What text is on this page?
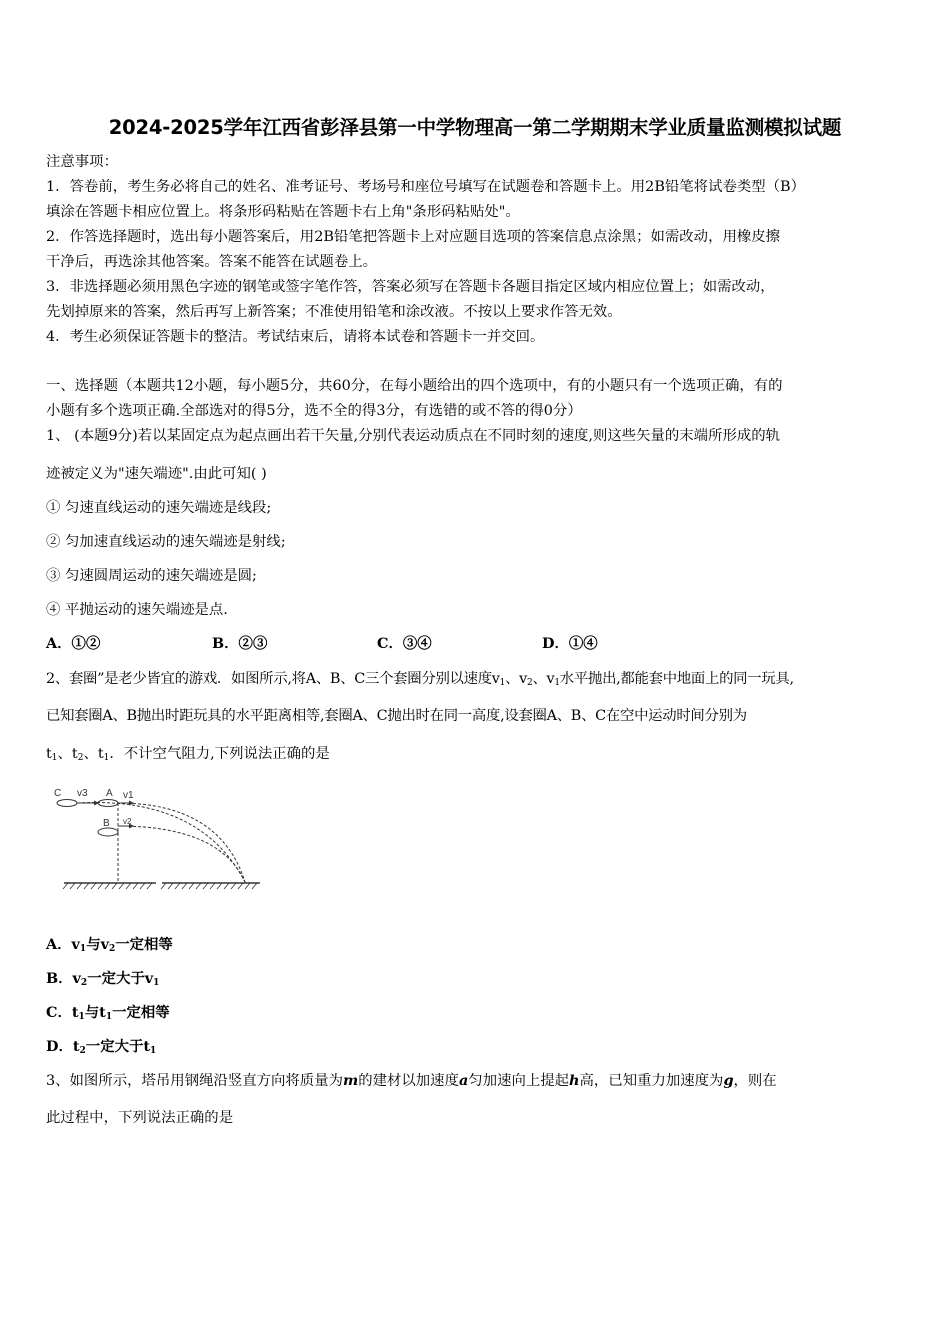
2024-2025学年江西省彭泽县第一中学物理高一第二学期期末学业质量监测模拟试题
注意事项：
1．答卷前，考生务必将自己的姓名、准考证号、考场号和座位号填写在试题卷和答题卡上。用2B铅笔将试卷类型（B）
填涂在答题卡相应位置上。将条形码粘贴在答题卡右上角"条形码粘贴处"。
2．作答选择题时，选出每小题答案后，用2B铅笔把答题卡上对应题目选项的答案信息点涂黑；如需改动，用橡皮擦
干净后，再选涂其他答案。答案不能答在试题卷上。
3．非选择题必须用黑色字迹的钢笔或签字笔作答，答案必须写在答题卡各题目指定区域内相应位置上；如需改动，
先划掉原来的答案，然后再写上新答案；不准使用铅笔和涂改液。不按以上要求作答无效。
4．考生必须保证答题卡的整洁。考试结束后，请将本试卷和答题卡一并交回。
一、选择题（本题共12小题，每小题5分，共60分，在每小题给出的四个选项中，有的小题只有一个选项正确，有的
小题有多个选项正确.全部选对的得5分，选不全的得3分，有选错的或不答的得0分）
1、 (本题9分)若以某固定点为起点画出若干矢量,分别代表运动质点在不同时刻的速度,则这些矢量的末端所形成的轨
迹被定义为"速矢端迹".由此可知( )
① 匀速直线运动的速矢端迹是线段;
② 匀加速直线运动的速矢端迹是射线;
③ 匀速圆周运动的速矢端迹是圆;
④ 平抛运动的速矢端迹是点.
A．①②	B．②③	C．③④	D．①④
2、套圈”是老少皆宜的游戏．如图所示,将A、B、C三个套圈分别以速度$v_1$、$v_2$、$v_1$水平抛出,都能套中地面上的同一玩具,
已知套圈A、B抛出时距玩具的水平距离相等,套圈A、C抛出时在同一高度,设套圈A、B、C在空中运动时间分别为
$t_1$、$t_2$、$t_1$．不计空气阻力,下列说法正确的是
C v3 A v1
B v2
A．$v_1$与$v_2$一定相等
B．$v_2$一定大于$v_1$
C．$t_1$与$t_1$一定相等
D．$t_2$一定大于$t_1$
3、如图所示，塔吊用钢绳沿竖直方向将质量为m的建材以加速度a匀加速向上提起h高，已知重力加速度为g，则在
此过程中，下列说法正确的是
